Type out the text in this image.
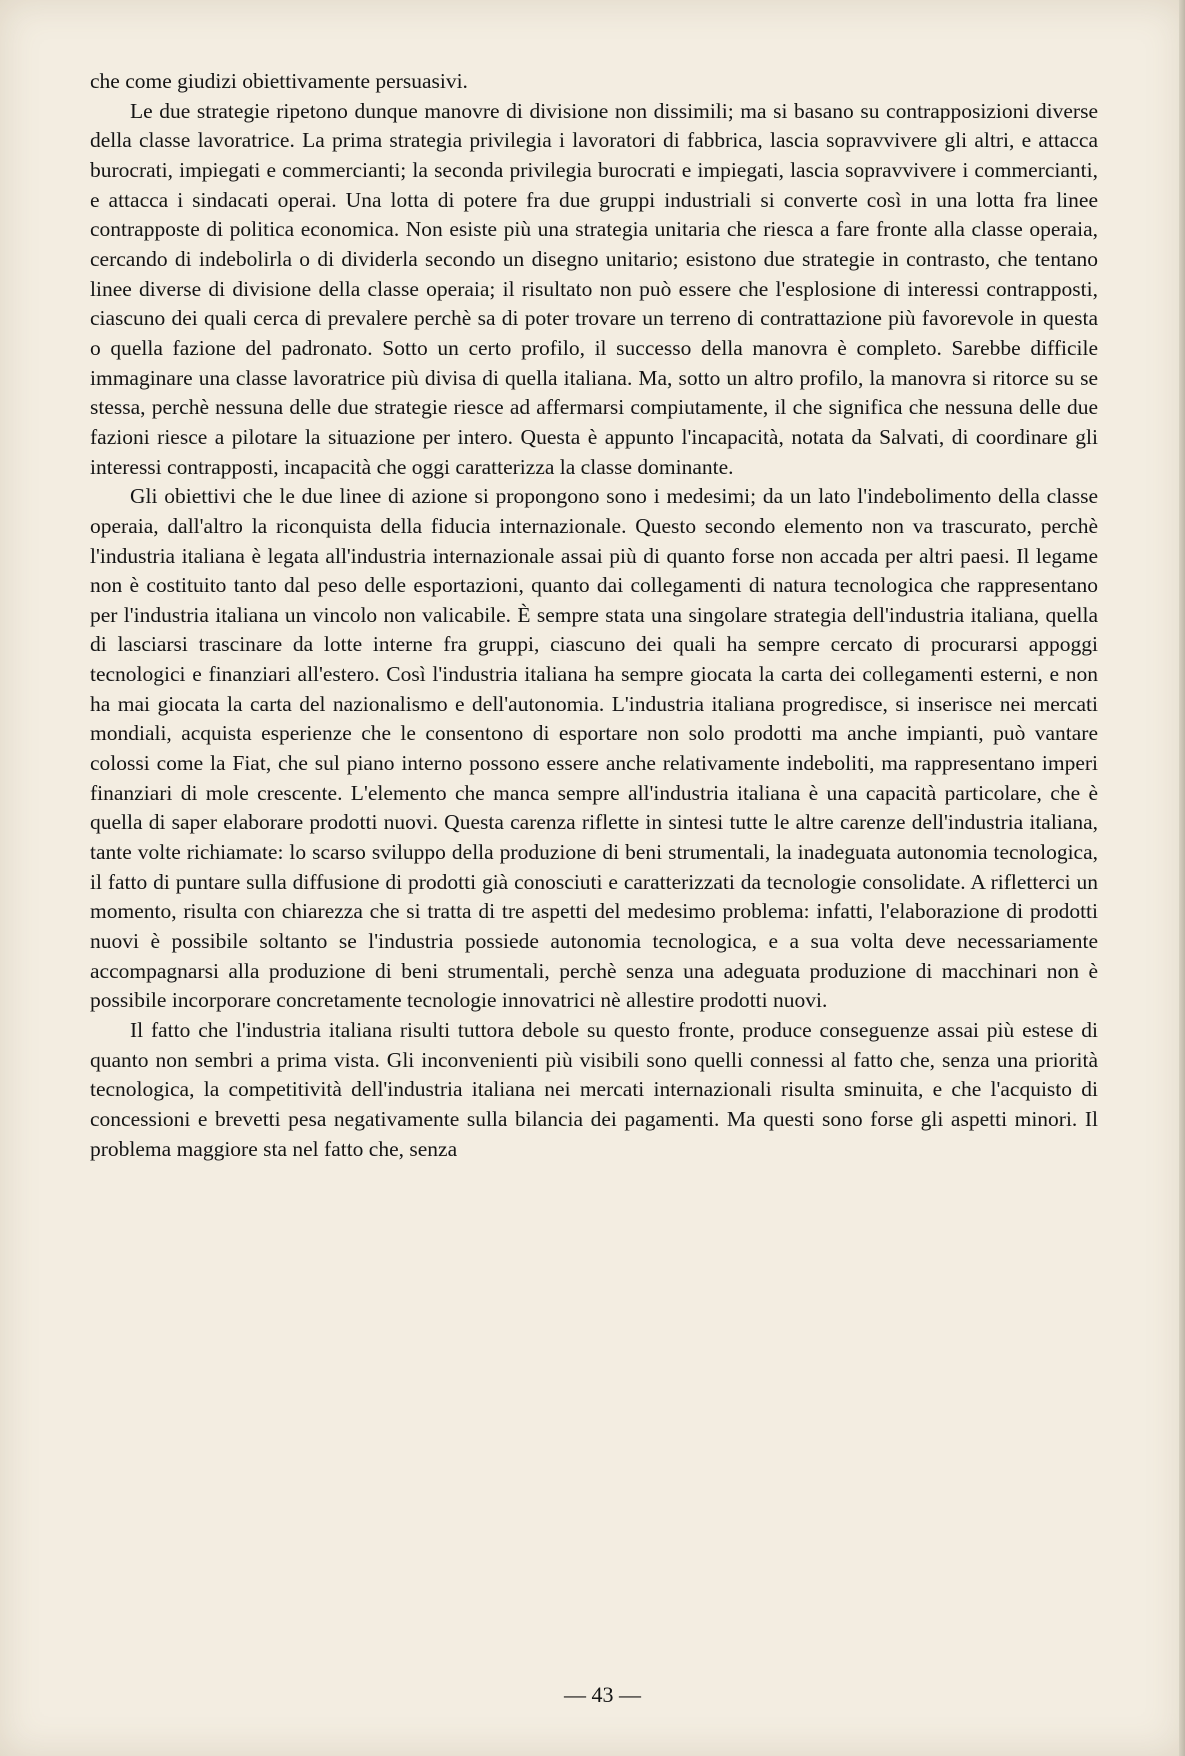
che come giudizi obiettivamente persuasivi.

Le due strategie ripetono dunque manovre di divisione non dissimili; ma si basano su contrapposizioni diverse della classe lavoratrice. La prima strategia privilegia i lavoratori di fabbrica, lascia sopravvivere gli altri, e attacca burocrati, impiegati e commercianti; la seconda privilegia burocrati e impiegati, lascia sopravvivere i commercianti, e attacca i sindacati operai. Una lotta di potere fra due gruppi industriali si converte così in una lotta fra linee contrapposte di politica economica. Non esiste più una strategia unitaria che riesca a fare fronte alla classe operaia, cercando di indebolirla o di dividerla secondo un disegno unitario; esistono due strategie in contrasto, che tentano linee diverse di divisione della classe operaia; il risultato non può essere che l'esplosione di interessi contrapposti, ciascuno dei quali cerca di prevalere perchè sa di poter trovare un terreno di contrattazione più favorevole in questa o quella fazione del padronato. Sotto un certo profilo, il successo della manovra è completo. Sarebbe difficile immaginare una classe lavoratrice più divisa di quella italiana. Ma, sotto un altro profilo, la manovra si ritorce su se stessa, perchè nessuna delle due strategie riesce ad affermarsi compiutamente, il che significa che nessuna delle due fazioni riesce a pilotare la situazione per intero. Questa è appunto l'incapacità, notata da Salvati, di coordinare gli interessi contrapposti, incapacità che oggi caratterizza la classe dominante.

Gli obiettivi che le due linee di azione si propongono sono i medesimi; da un lato l'indebolimento della classe operaia, dall'altro la riconquista della fiducia internazionale. Questo secondo elemento non va trascurato, perchè l'industria italiana è legata all'industria internazionale assai più di quanto forse non accada per altri paesi. Il legame non è costituito tanto dal peso delle esportazioni, quanto dai collegamenti di natura tecnologica che rappresentano per l'industria italiana un vincolo non valicabile. È sempre stata una singolare strategia dell'industria italiana, quella di lasciarsi trascinare da lotte interne fra gruppi, ciascuno dei quali ha sempre cercato di procurarsi appoggi tecnologici e finanziari all'estero. Così l'industria italiana ha sempre giocata la carta dei collegamenti esterni, e non ha mai giocata la carta del nazionalismo e dell'autonomia. L'industria italiana progredisce, si inserisce nei mercati mondiali, acquista esperienze che le consentono di esportare non solo prodotti ma anche impianti, può vantare colossi come la Fiat, che sul piano interno possono essere anche relativamente indeboliti, ma rappresentano imperi finanziari di mole crescente. L'elemento che manca sempre all'industria italiana è una capacità particolare, che è quella di saper elaborare prodotti nuovi. Questa carenza riflette in sintesi tutte le altre carenze dell'industria italiana, tante volte richiamate: lo scarso sviluppo della produzione di beni strumentali, la inadeguata autonomia tecnologica, il fatto di puntare sulla diffusione di prodotti già conosciuti e caratterizzati da tecnologie consolidate. A rifletterci un momento, risulta con chiarezza che si tratta di tre aspetti del medesimo problema: infatti, l'elaborazione di prodotti nuovi è possibile soltanto se l'industria possiede autonomia tecnologica, e a sua volta deve necessariamente accompagnarsi alla produzione di beni strumentali, perchè senza una adeguata produzione di macchinari non è possibile incorporare concretamente tecnologie innovatrici nè allestire prodotti nuovi.

Il fatto che l'industria italiana risulti tuttora debole su questo fronte, produce conseguenze assai più estese di quanto non sembri a prima vista. Gli inconvenienti più visibili sono quelli connessi al fatto che, senza una priorità tecnologica, la competitività dell'industria italiana nei mercati internazionali risulta sminuita, e che l'acquisto di concessioni e brevetti pesa negativamente sulla bilancia dei pagamenti. Ma questi sono forse gli aspetti minori. Il problema maggiore sta nel fatto che, senza

— 43 —
